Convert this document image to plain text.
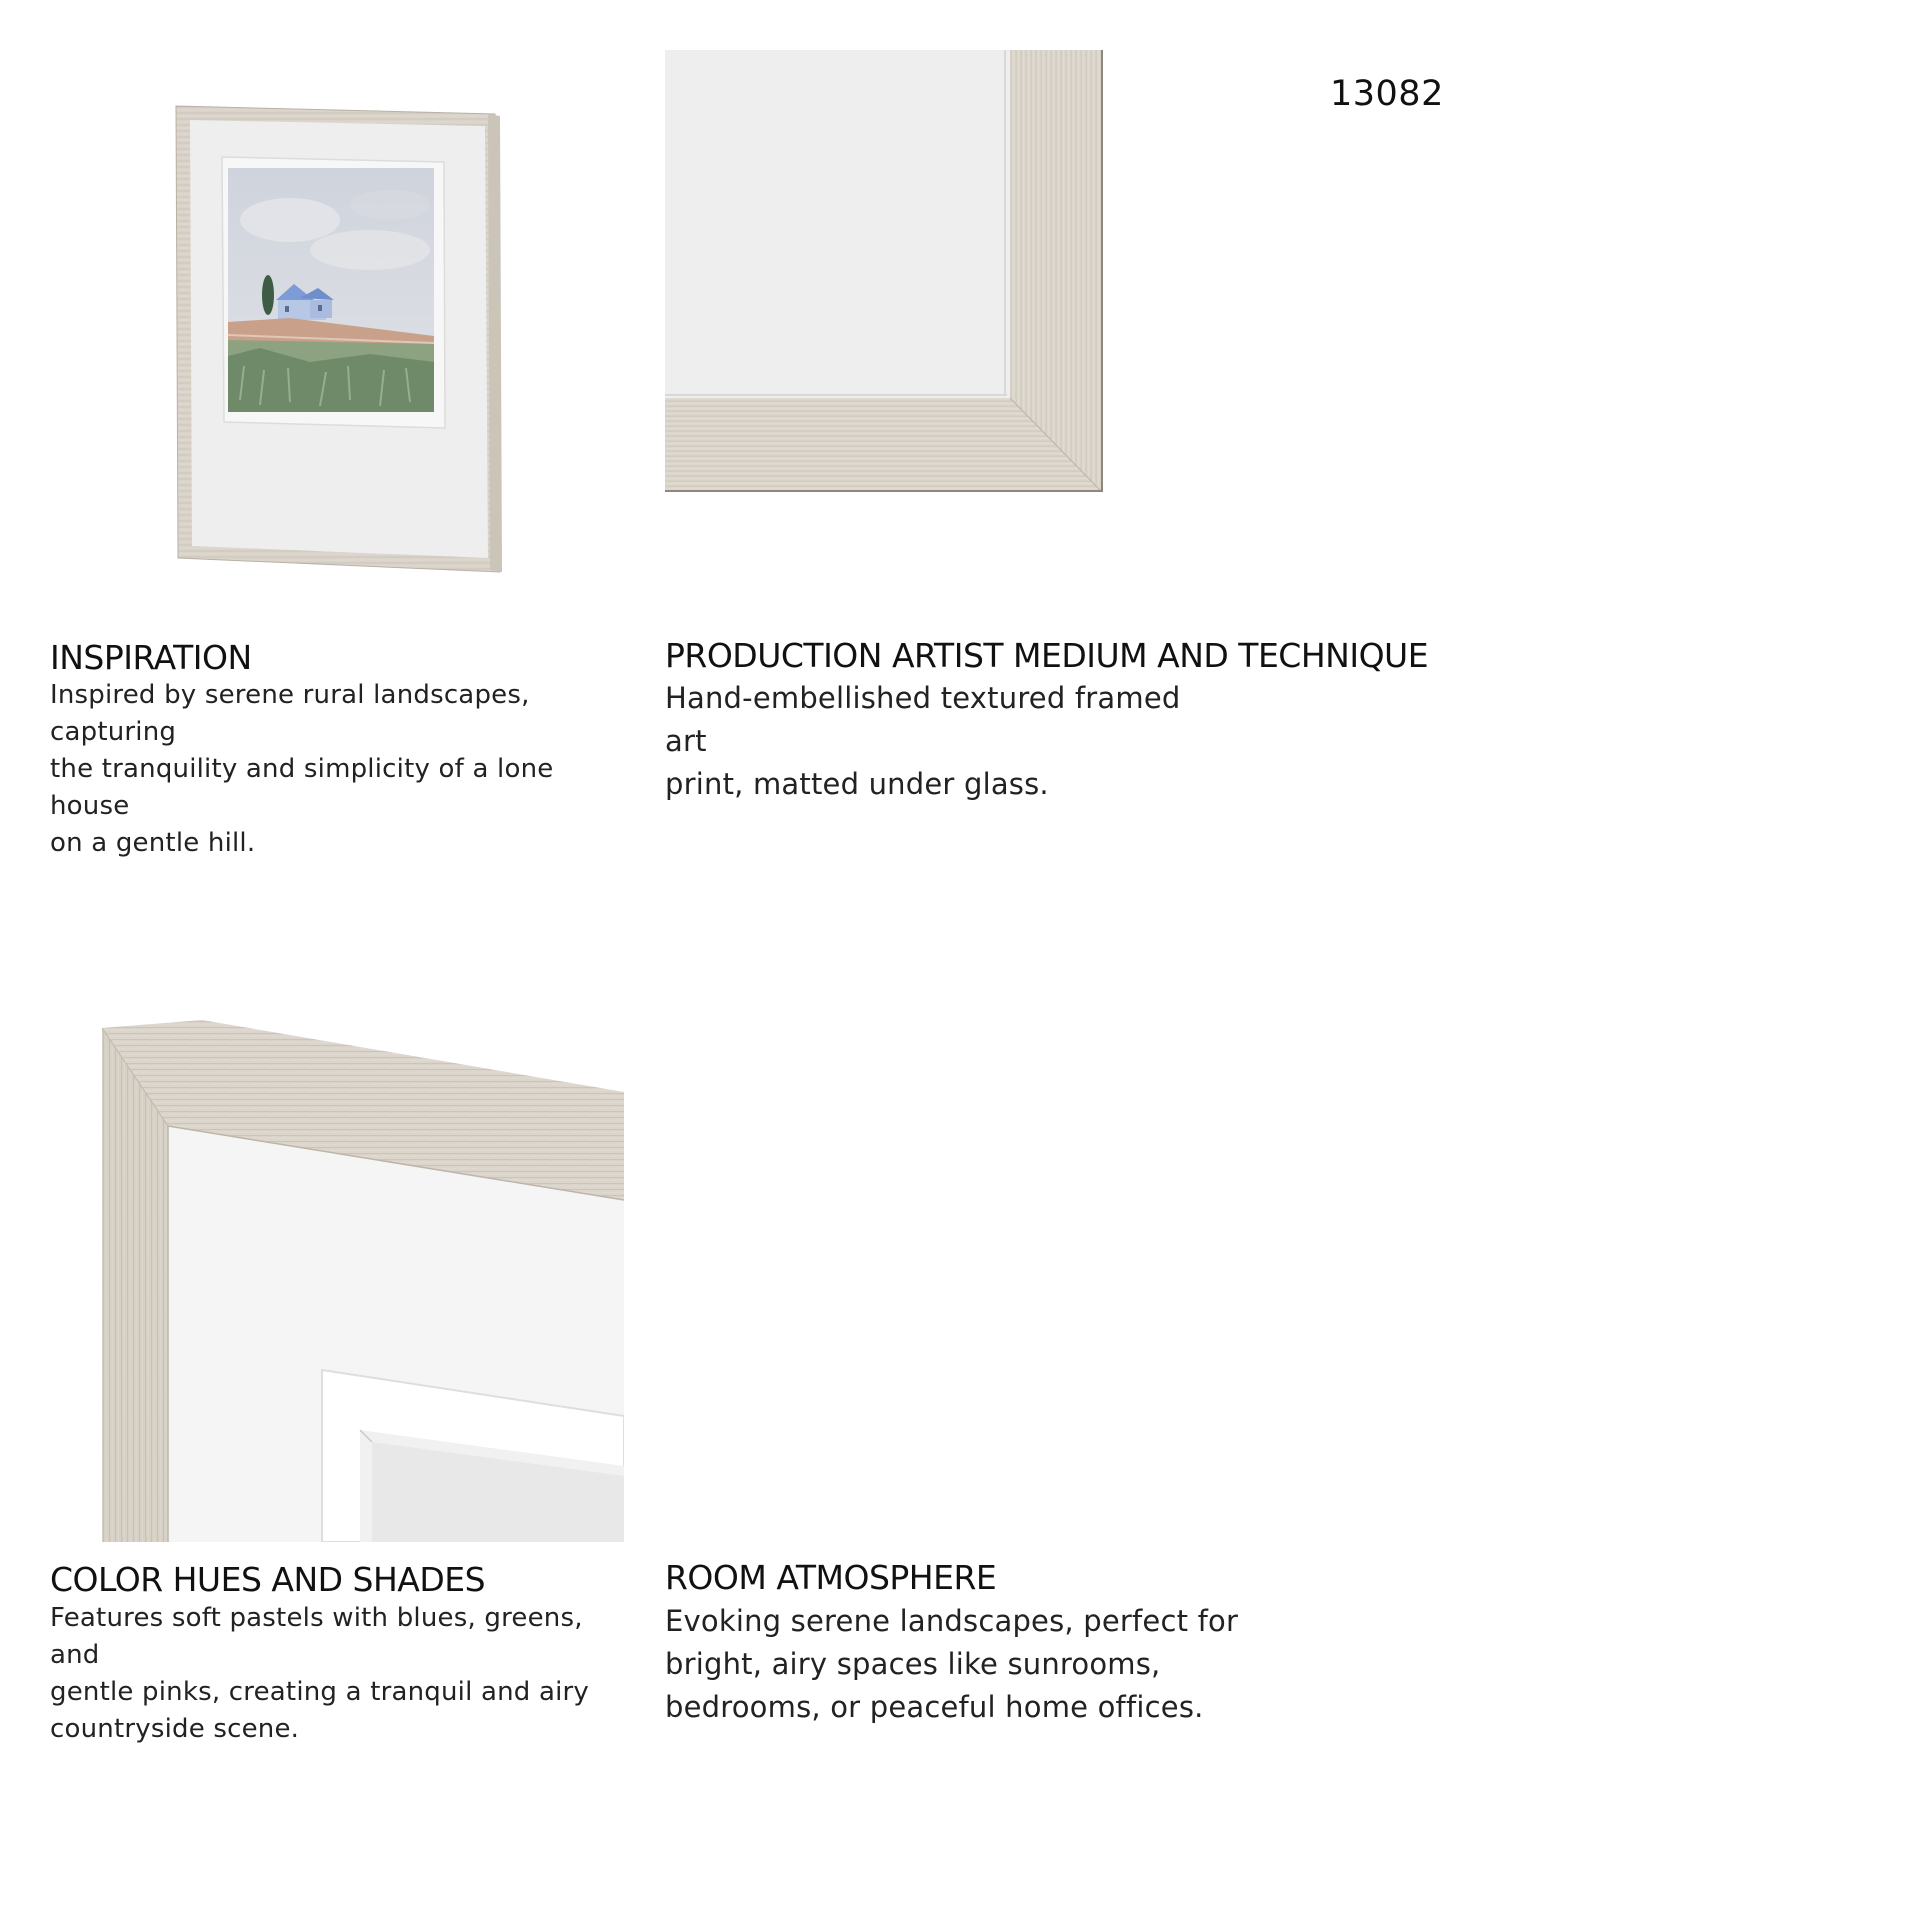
13082
INSPIRATION
Inspired by serene rural landscapes, capturing
the tranquility and simplicity of a lone house
on a gentle hill.
PRODUCTION ARTIST MEDIUM AND TECHNIQUE
Hand-embellished textured framed art
print, matted under glass.
COLOR HUES AND SHADES
Features soft pastels with blues, greens, and
gentle pinks, creating a tranquil and airy
countryside scene.
ROOM ATMOSPHERE
Evoking serene landscapes, perfect for
bright, airy spaces like sunrooms,
bedrooms, or peaceful home offices.
